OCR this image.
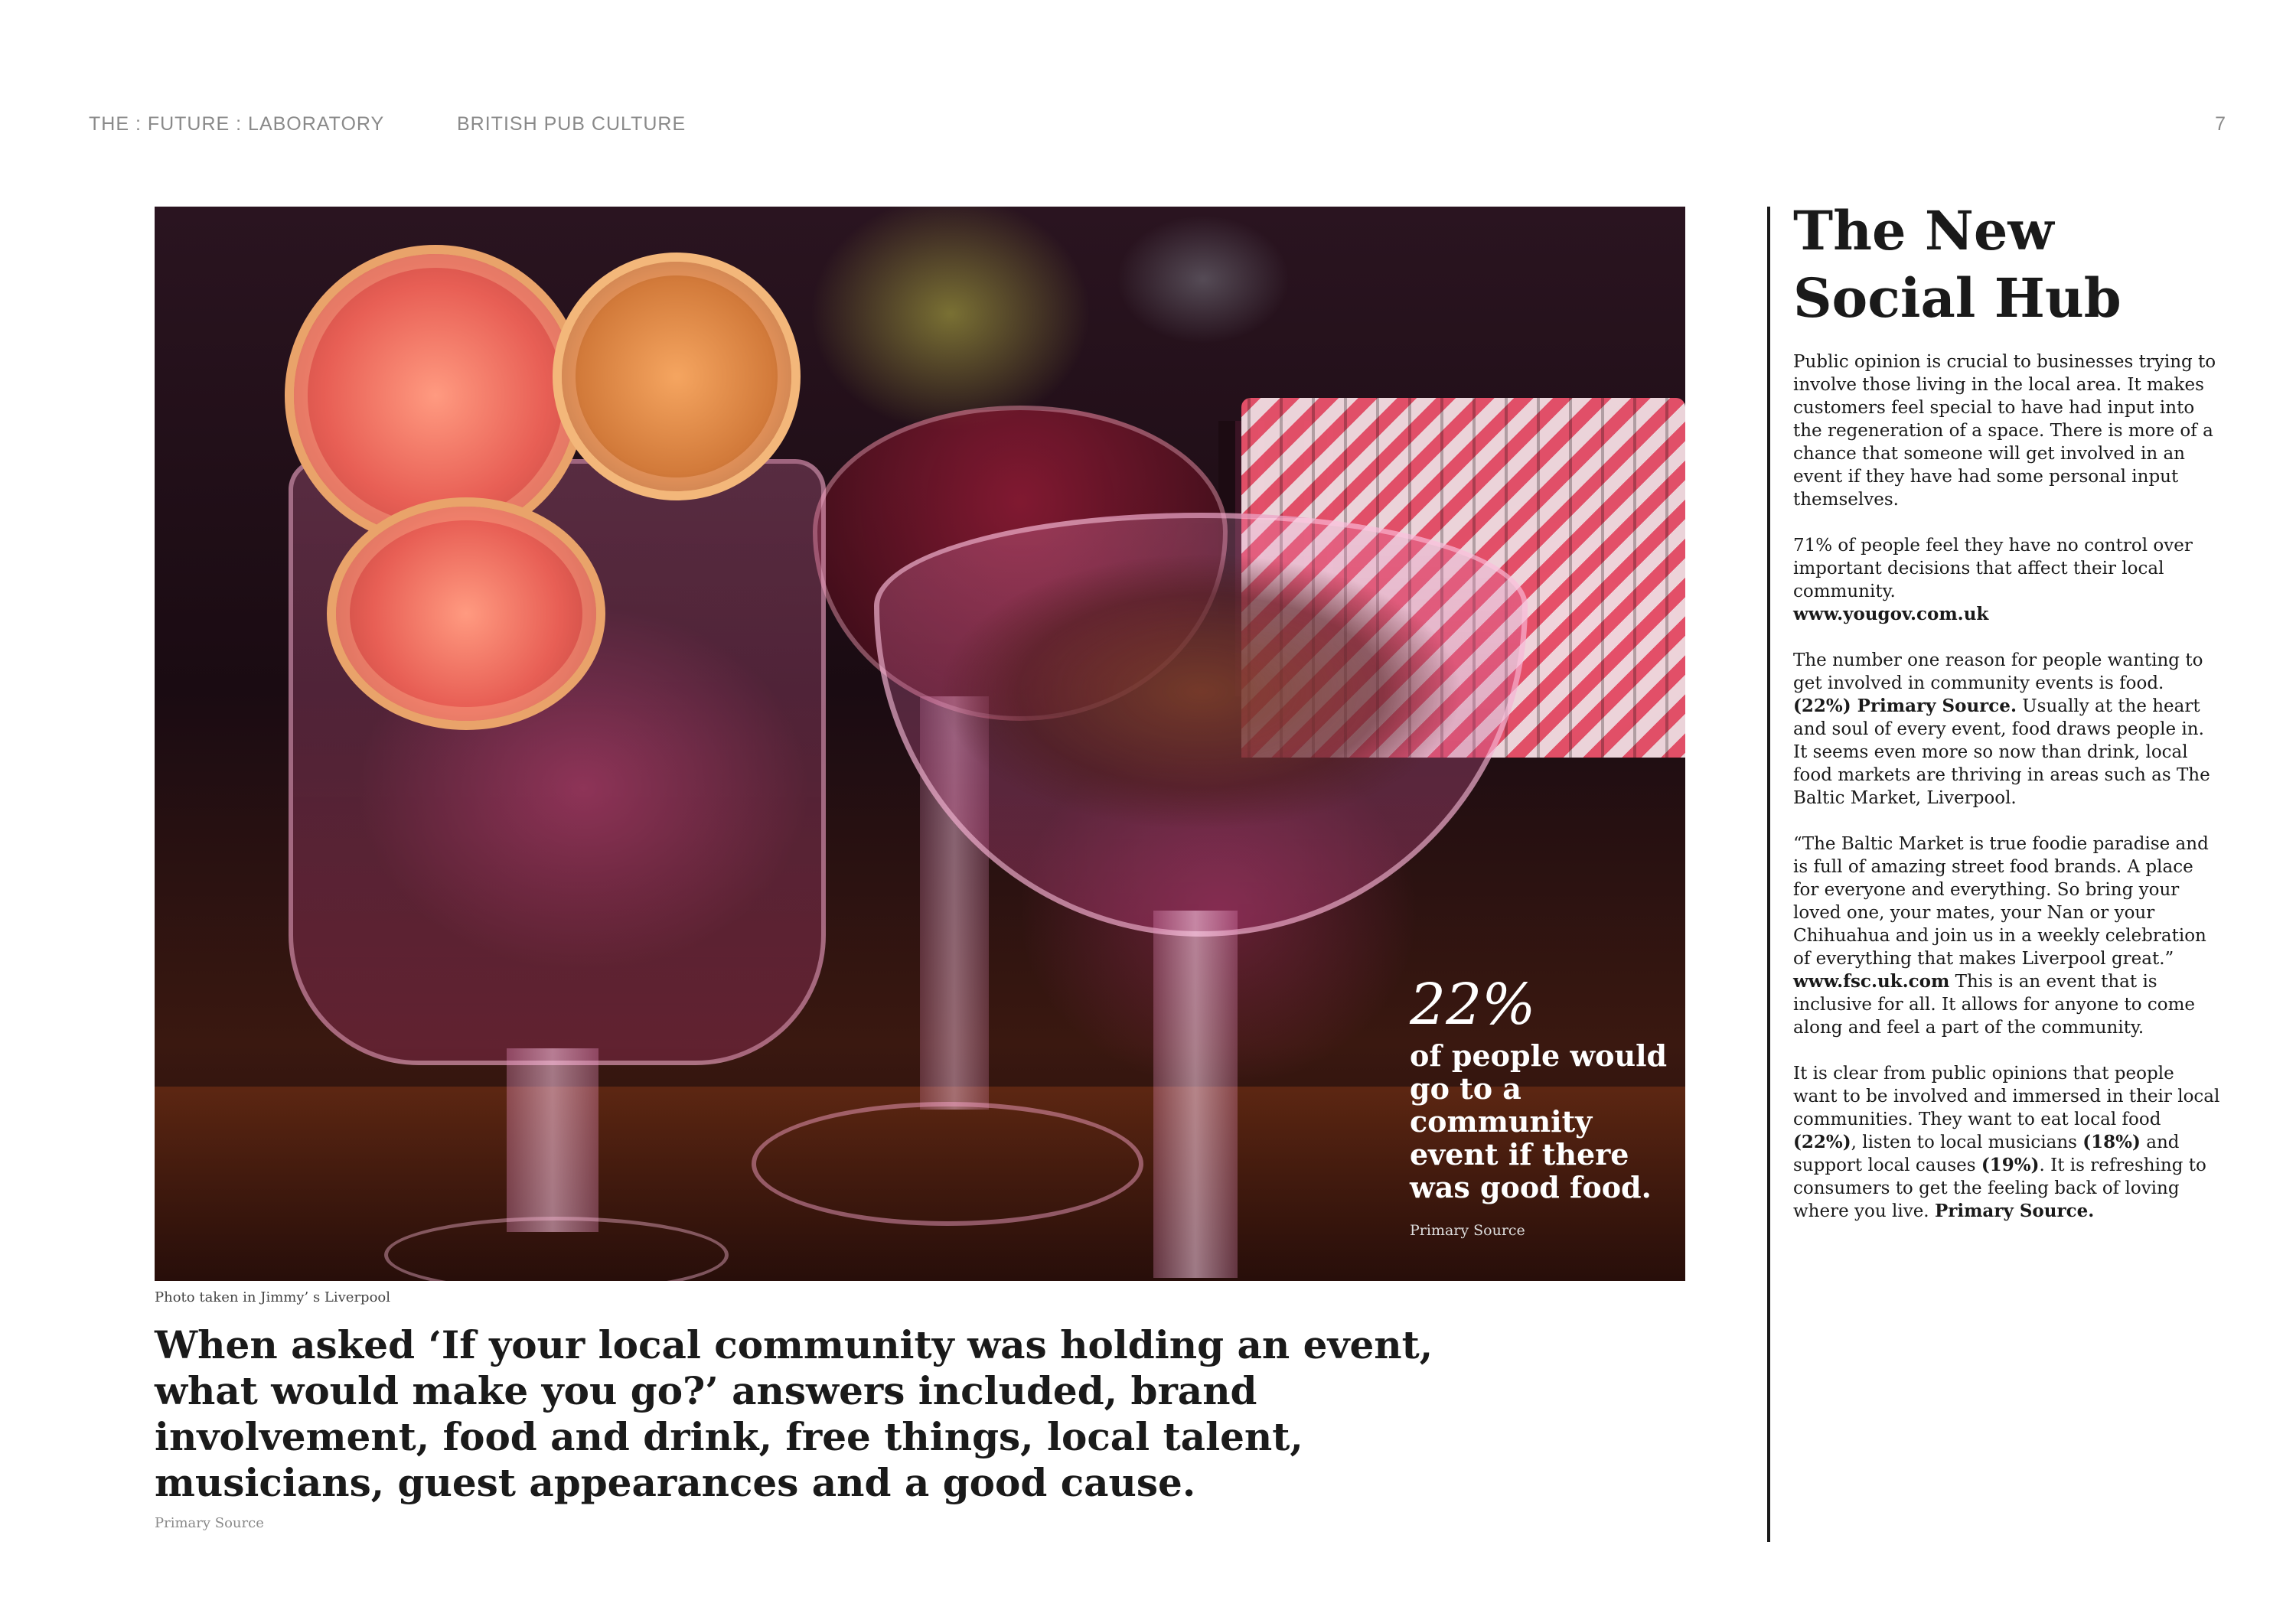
THE : FUTURE : LABORATORY	BRITISH PUB CULTURE	7
22%
of people would go to a community event if there was good food.
Primary Source
Photo taken in Jimmy’ s Liverpool
When asked ‘If your local community was holding an event, what would make you go?’ answers included, brand involvement, food and drink, free things, local talent, musicians, guest appearances and a good cause.
Primary Source
The New Social Hub

Public opinion is crucial to businesses trying to involve those living in the local area. It makes customers feel special to have had input into the regeneration of a space. There is more of a chance that someone will get involved in an event if they have had some personal input themselves.

71% of people feel they have no control over important decisions that affect their local community.
www.yougov.com.uk

The number one reason for people wanting to get involved in community events is food. (22%) Primary Source. Usually at the heart and soul of every event, food draws people in. It seems even more so now than drink, local food markets are thriving in areas such as The Baltic Market, Liverpool.

“The Baltic Market is true foodie paradise and is full of amazing street food brands. A place for everyone and everything. So bring your loved one, your mates, your Nan or your Chihuahua and join us in a weekly celebration of everything that makes Liverpool great.” www.fsc.uk.com This is an event that is inclusive for all. It allows for anyone to come along and feel a part of the community.

It is clear from public opinions that people want to be involved and immersed in their local communities. They want to eat local food (22%), listen to local musicians (18%) and support local causes (19%). It is refreshing to consumers to get the feeling back of loving where you live. Primary Source.
